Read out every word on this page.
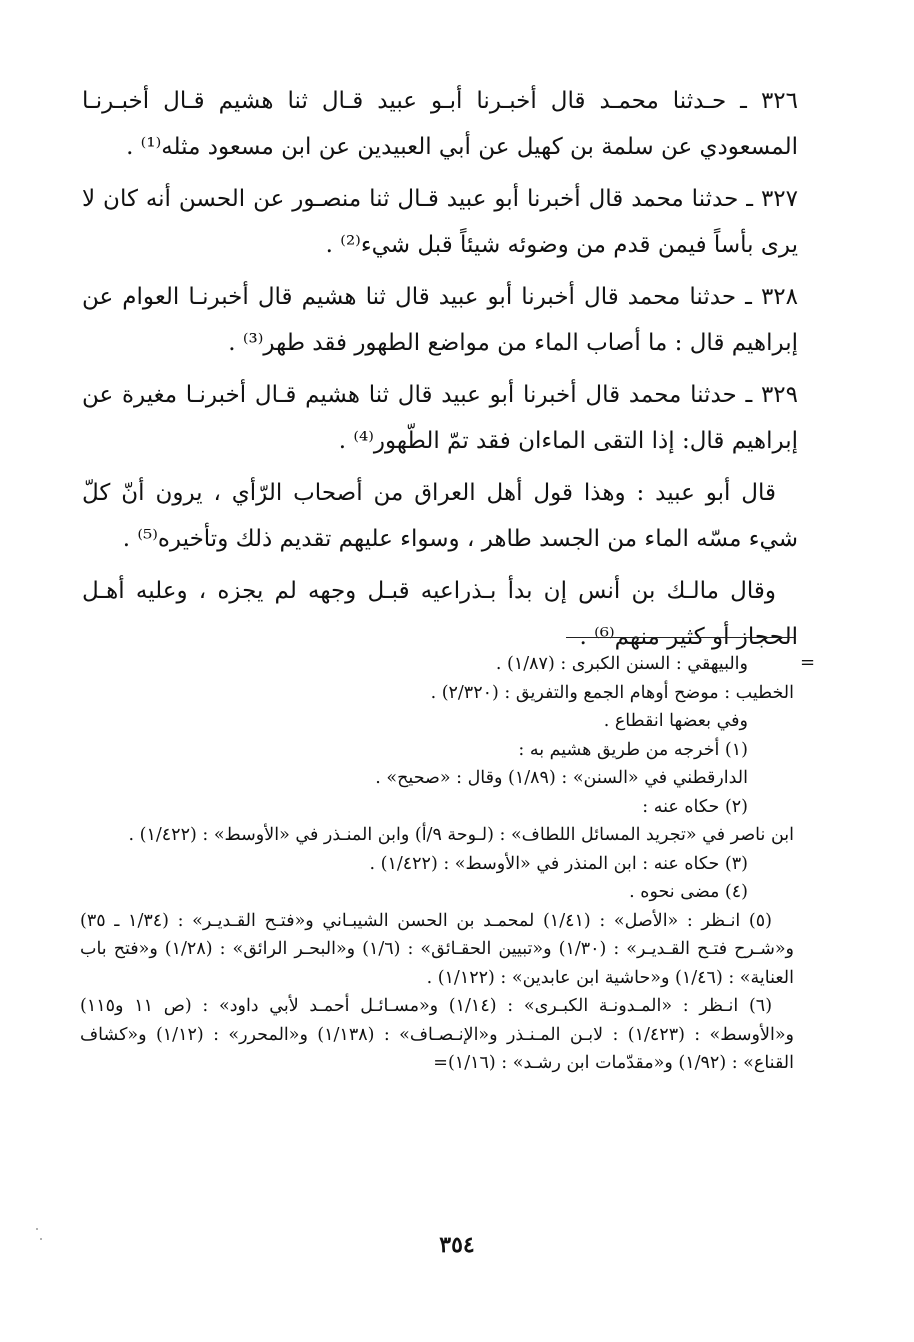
٣٢٦ ـ حـدثنا محمـد قال أخبـرنا أبـو عبيد قـال ثنا هشيم قـال أخبـرنـا المسعودي عن سلمة بن كهيل عن أبي العبيدين عن ابن مسعود مثله⁽¹⁾ .

٣٢٧ ـ حدثنا محمد قال أخبرنا أبو عبيد قـال ثنا منصـور عن الحسن أنه كان لا يرى بأساً فيمن قدم من وضوئه شيئاً قبل شيء⁽²⁾ .

٣٢٨ ـ حدثنا محمد قال أخبرنا أبو عبيد قال ثنا هشيم قال أخبرنـا العوام عن إبراهيم قال : ما أصاب الماء من مواضع الطهور فقد طهر⁽³⁾ .

٣٢٩ ـ حدثنا محمد قال أخبرنا أبو عبيد قال ثنا هشيم قـال أخبرنـا مغيرة عن إبراهيم قال: إذا التقى الماءان فقد تمّ الطّهور⁽⁴⁾ .

قال أبو عبيد : وهذا قول أهل العراق من أصحاب الرّأي ، يرون أنّ كلّ شيء مسّه الماء من الجسد طاهر ، وسواء عليهم تقديم ذلك وتأخيره⁽⁵⁾ .

وقال مالـك بن أنس إن بدأ بـذراعيه قبـل وجهه لم يجزه ، وعليه أهـل الحجاز أو كثير منهم⁽⁶⁾ .

=

والبيهقي : السنن الكبرى : (١/٨٧) .

الخطيب : موضح أوهام الجمع والتفريق : (٢/٣٢٠) .

وفي بعضها انقطاع .

(١) أخرجه من طريق هشيم به :

الدارقطني في «السنن» : (١/٨٩) وقال : «صحيح» .

(٢) حكاه عنه :

ابن ناصر في «تجريد المسائل اللطاف» : (لـوحة ٩/أ) وابن المنـذر في «الأوسط» : (١/٤٢٢) .

(٣) حكاه عنه : ابن المنذر في «الأوسط» : (١/٤٢٢) .

(٤) مضى نحوه .

(٥) انـظر : «الأصل» : (١/٤١) لمحمـد بن الحسن الشيبـاني و«فتـح القـديـر» : (١/٣٤ ـ ٣٥) و«شـرح فتـح القـديـر» : (١/٣٠) و«تبيين الحقـائق» : (١/٦) و«البحـر الرائق» : (١/٢٨) و«فتح باب العناية» : (١/٤٦) و«حاشية ابن عابدين» : (١/١٢٢) .

(٦) انـظر : «المـدونـة الكبـرى» : (١/١٤) و«مسـائـل أحمـد لأبي داود» : (ص ١١ و١١٥) و«الأوسط» : (١/٤٢٣) : لابـن المـنـذر و«الإنـصـاف» : (١/١٣٨) و«المحرر» : (١/١٢) و«كشاف القناع» : (١/٩٢) و«مقدّمات ابن رشـد» : (١/١٦)=

٣٥٤
